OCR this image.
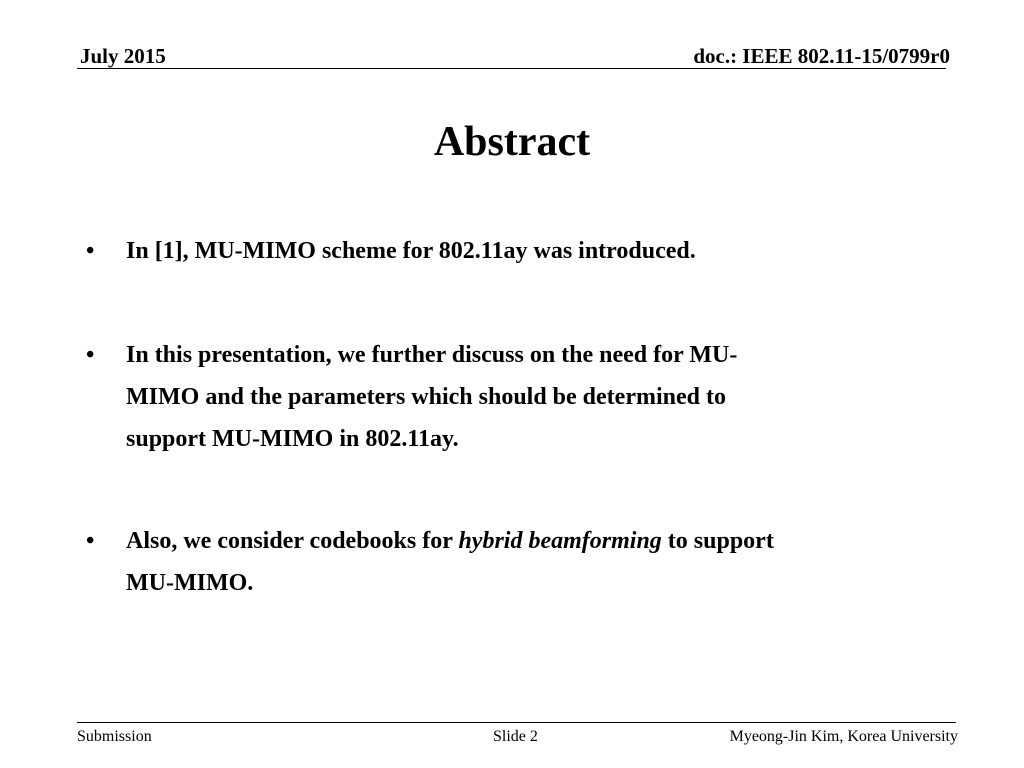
July 2015	doc.: IEEE 802.11-15/0799r0
Abstract
• In [1], MU-MIMO scheme for 802.11ay was introduced.
• In this presentation, we further discuss on the need for MU-
MIMO and the parameters which should be determined to
support MU-MIMO in 802.11ay.
• Also, we consider codebooks for hybrid beamforming to support
MU-MIMO.
Submission	Slide 2	Myeong-Jin Kim, Korea University
